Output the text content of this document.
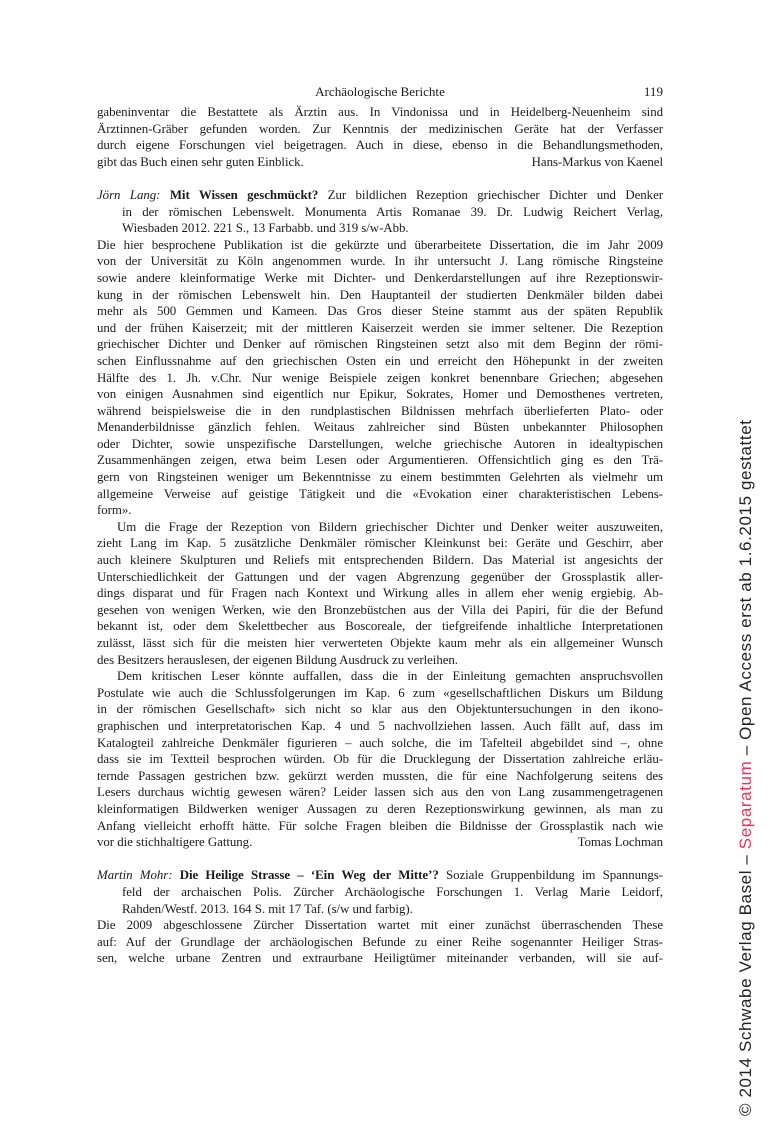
Archäologische Berichte	119
gabeninventar die Bestattete als Ärztin aus. In Vindonissa und in Heidelberg-Neuenheim sind
Ärztinnen-Gräber gefunden worden. Zur Kenntnis der medizinischen Geräte hat der Verfasser
durch eigene Forschungen viel beigetragen. Auch in diese, ebenso in die Behandlungsmethoden,
gibt das Buch einen sehr guten Einblick.	Hans-Markus von Kaenel
Jörn Lang: Mit Wissen geschmückt? Zur bildlichen Rezeption griechischer Dichter und Denker
in der römischen Lebenswelt. Monumenta Artis Romanae 39. Dr. Ludwig Reichert Verlag,
Wiesbaden 2012. 221 S., 13 Farbabb. und 319 s/w-Abb.
Die hier besprochene Publikation ist die gekürzte und überarbeitete Dissertation, die im Jahr 2009
von der Universität zu Köln angenommen wurde. In ihr untersucht J. Lang römische Ringsteine
sowie andere kleinformatige Werke mit Dichter- und Denkerdarstellungen auf ihre Rezeptionswir-
kung in der römischen Lebenswelt hin. Den Hauptanteil der studierten Denkmäler bilden dabei
mehr als 500 Gemmen und Kameen. Das Gros dieser Steine stammt aus der späten Republik
und der frühen Kaiserzeit; mit der mittleren Kaiserzeit werden sie immer seltener. Die Rezeption
griechischer Dichter und Denker auf römischen Ringsteinen setzt also mit dem Beginn der römi-
schen Einflussnahme auf den griechischen Osten ein und erreicht den Höhepunkt in der zweiten
Hälfte des 1. Jh. v.Chr. Nur wenige Beispiele zeigen konkret benennbare Griechen; abgesehen
von einigen Ausnahmen sind eigentlich nur Epikur, Sokrates, Homer und Demosthenes vertreten,
während beispielsweise die in den rundplastischen Bildnissen mehrfach überlieferten Plato- oder
Menanderbildnisse gänzlich fehlen. Weitaus zahlreicher sind Büsten unbekannter Philosophen
oder Dichter, sowie unspezifische Darstellungen, welche griechische Autoren in idealtypischen
Zusammenhängen zeigen, etwa beim Lesen oder Argumentieren. Offensichtlich ging es den Trä-
gern von Ringsteinen weniger um Bekenntnisse zu einem bestimmten Gelehrten als vielmehr um
allgemeine Verweise auf geistige Tätigkeit und die «Evokation einer charakteristischen Lebens-
form».
Um die Frage der Rezeption von Bildern griechischer Dichter und Denker weiter auszuweiten,
zieht Lang im Kap. 5 zusätzliche Denkmäler römischer Kleinkunst bei: Geräte und Geschirr, aber
auch kleinere Skulpturen und Reliefs mit entsprechenden Bildern. Das Material ist angesichts der
Unterschiedlichkeit der Gattungen und der vagen Abgrenzung gegenüber der Grossplastik aller-
dings disparat und für Fragen nach Kontext und Wirkung alles in allem eher wenig ergiebig. Ab-
gesehen von wenigen Werken, wie den Bronzebüstchen aus der Villa dei Papiri, für die der Befund
bekannt ist, oder dem Skelettbecher aus Boscoreale, der tiefgreifende inhaltliche Interpretationen
zulässt, lässt sich für die meisten hier verwerteten Objekte kaum mehr als ein allgemeiner Wunsch
des Besitzers herauslesen, der eigenen Bildung Ausdruck zu verleihen.
Dem kritischen Leser könnte auffallen, dass die in der Einleitung gemachten anspruchsvollen
Postulate wie auch die Schlussfolgerungen im Kap. 6 zum «gesellschaftlichen Diskurs um Bildung
in der römischen Gesellschaft» sich nicht so klar aus den Objektuntersuchungen in den ikono-
graphischen und interpretatorischen Kap. 4 und 5 nachvollziehen lassen. Auch fällt auf, dass im
Katalogteil zahlreiche Denkmäler figurieren – auch solche, die im Tafelteil abgebildet sind –, ohne
dass sie im Textteil besprochen würden. Ob für die Drucklegung der Dissertation zahlreiche erläu-
ternde Passagen gestrichen bzw. gekürzt werden mussten, die für eine Nachfolgerung seitens des
Lesers durchaus wichtig gewesen wären? Leider lassen sich aus den von Lang zusammengetragenen
kleinformatigen Bildwerken weniger Aussagen zu deren Rezeptionswirkung gewinnen, als man zu
Anfang vielleicht erhofft hätte. Für solche Fragen bleiben die Bildnisse der Grossplastik nach wie
vor die stichhaltigere Gattung.	Tomas Lochman
Martin Mohr: Die Heilige Strasse – ‘Ein Weg der Mitte’? Soziale Gruppenbildung im Spannungs-
feld der archaischen Polis. Zürcher Archäologische Forschungen 1. Verlag Marie Leidorf,
Rahden/Westf. 2013. 164 S. mit 17 Taf. (s/w und farbig).
Die 2009 abgeschlossene Zürcher Dissertation wartet mit einer zunächst überraschenden These
auf: Auf der Grundlage der archäologischen Befunde zu einer Reihe sogenannter Heiliger Stras-
sen, welche urbane Zentren und extraurbane Heiligtümer miteinander verbanden, will sie auf-	© 2014 Schwabe Verlag Basel – Separatum – Open Access erst ab 1.6.2015 gestattet
